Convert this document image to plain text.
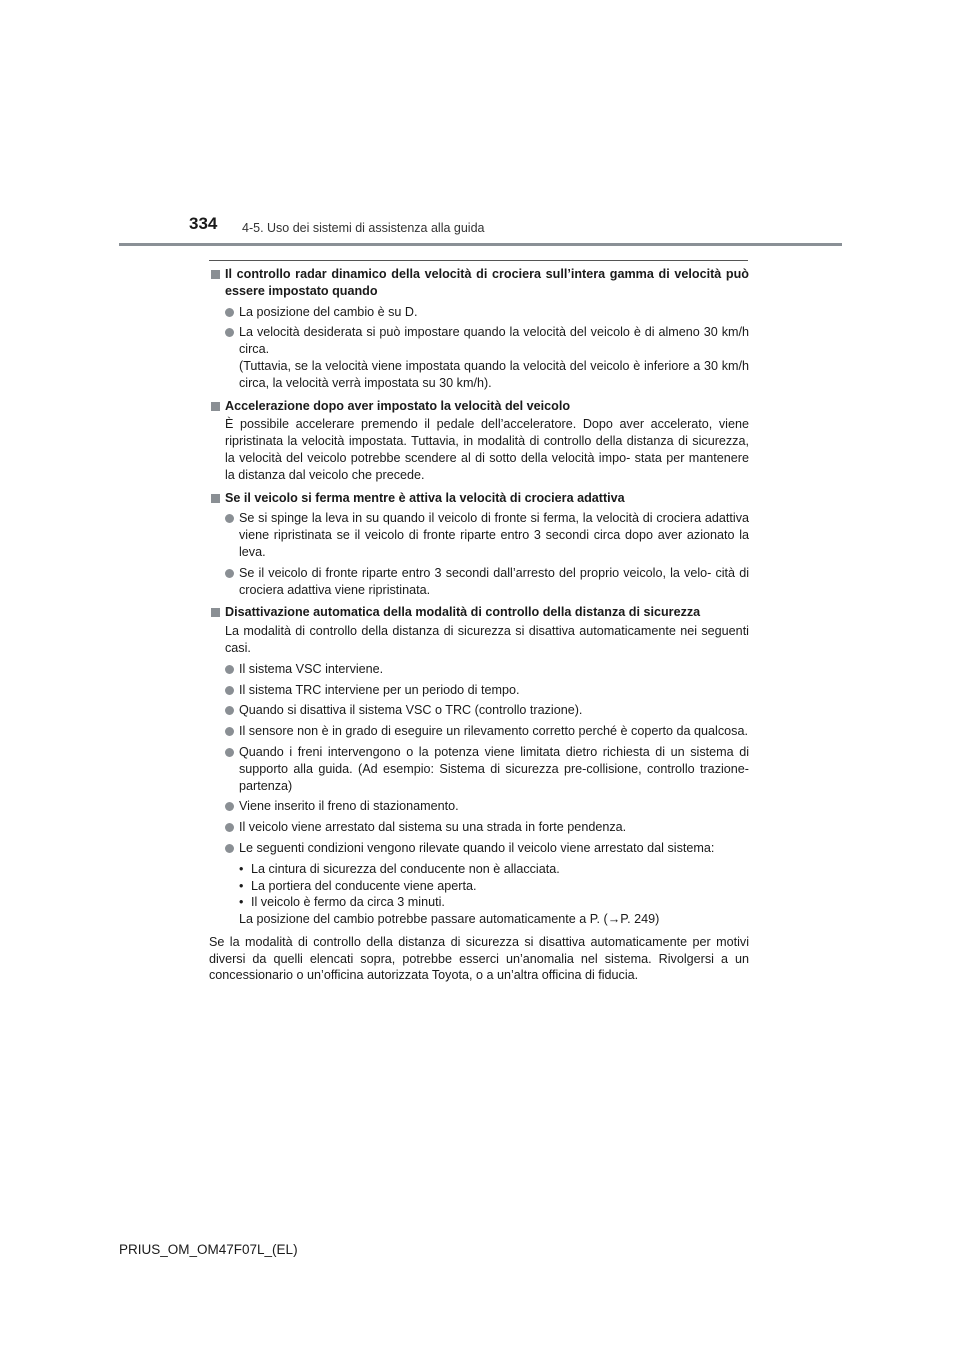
334 4-5. Uso dei sistemi di assistenza alla guida

Il controllo radar dinamico della velocità di crociera sull’intera gamma di velocità può essere impostato quando

La posizione del cambio è su D.

La velocità desiderata si può impostare quando la velocità del veicolo è di almeno 30 km/h circa.
(Tuttavia, se la velocità viene impostata quando la velocità del veicolo è inferiore a 30 km/h circa, la velocità verrà impostata su 30 km/h).

Accelerazione dopo aver impostato la velocità del veicolo

È possibile accelerare premendo il pedale dell’acceleratore. Dopo aver accelerato, viene ripristinata la velocità impostata. Tuttavia, in modalità di controllo della distanza di sicurezza, la velocità del veicolo potrebbe scendere al di sotto della velocità impo- stata per mantenere la distanza dal veicolo che precede.

Se il veicolo si ferma mentre è attiva la velocità di crociera adattiva

Se si spinge la leva in su quando il veicolo di fronte si ferma, la velocità di crociera adattiva viene ripristinata se il veicolo di fronte riparte entro 3 secondi circa dopo aver azionato la leva.

Se il veicolo di fronte riparte entro 3 secondi dall’arresto del proprio veicolo, la velo- cità di crociera adattiva viene ripristinata.

Disattivazione automatica della modalità di controllo della distanza di sicurezza

La modalità di controllo della distanza di sicurezza si disattiva automaticamente nei seguenti casi.

Il sistema VSC interviene.

Il sistema TRC interviene per un periodo di tempo.

Quando si disattiva il sistema VSC o TRC (controllo trazione).

Il sensore non è in grado di eseguire un rilevamento corretto perché è coperto da qualcosa.

Quando i freni intervengono o la potenza viene limitata dietro richiesta di un sistema di supporto alla guida. (Ad esempio: Sistema di sicurezza pre-collisione, controllo trazione-partenza)

Viene inserito il freno di stazionamento.

Il veicolo viene arrestato dal sistema su una strada in forte pendenza.

Le seguenti condizioni vengono rilevate quando il veicolo viene arrestato dal sistema:

• La cintura di sicurezza del conducente non è allacciata.

• La portiera del conducente viene aperta.

• Il veicolo è fermo da circa 3 minuti.

La posizione del cambio potrebbe passare automaticamente a P. (→P. 249)

Se la modalità di controllo della distanza di sicurezza si disattiva automaticamente per motivi diversi da quelli elencati sopra, potrebbe esserci un’anomalia nel sistema. Rivolgersi a un concessionario o un’officina autorizzata Toyota, o a un’altra officina di fiducia.

PRIUS_OM_OM47F07L_(EL)
